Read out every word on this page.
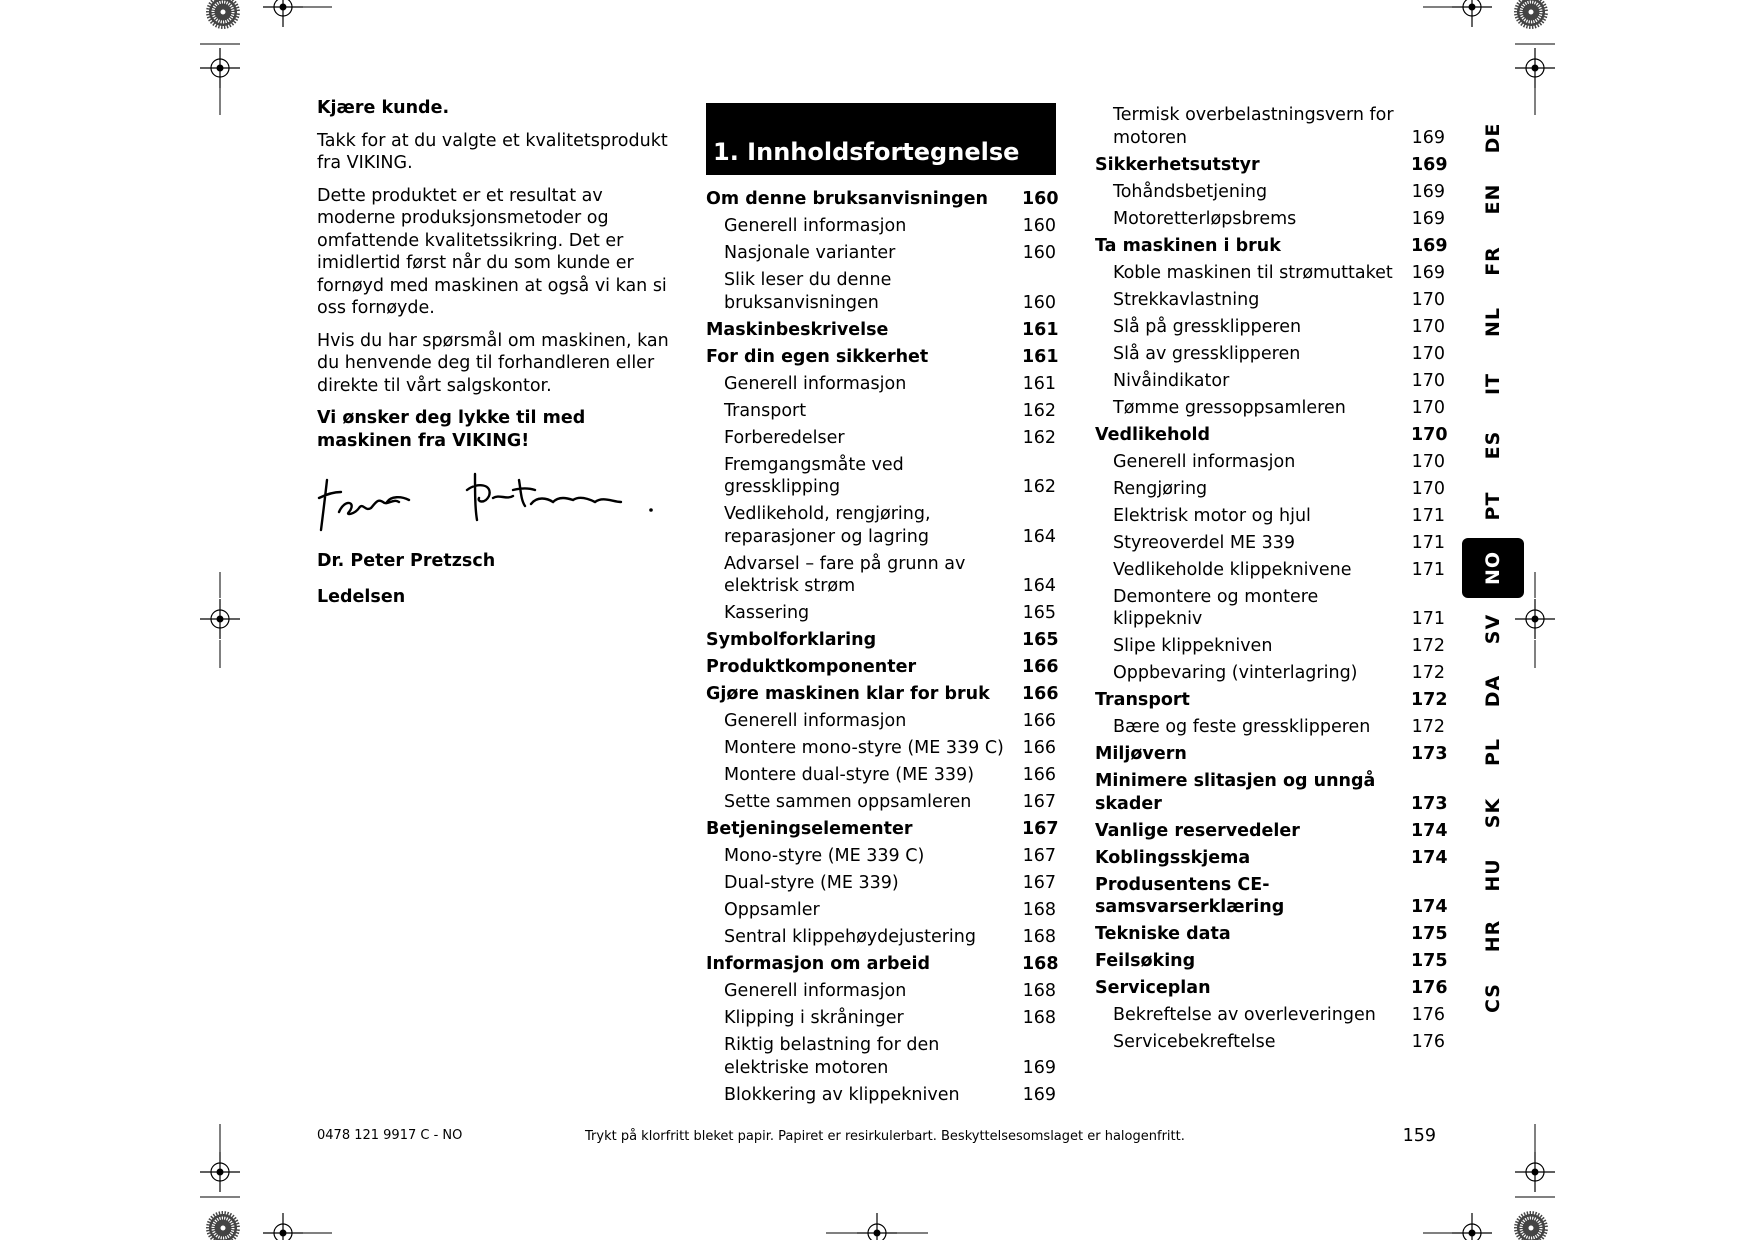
Kjære kunde.

Takk for at du valgte et kvalitetsprodukt fra VIKING.

Dette produktet er et resultat av moderne produksjonsmetoder og omfattende kvalitetssikring. Det er imidlertid først når du som kunde er fornøyd med maskinen at også vi kan si oss fornøyde.

Hvis du har spørsmål om maskinen, kan du henvende deg til forhandleren eller direkte til vårt salgskontor.

Vi ønsker deg lykke til med maskinen fra VIKING!

Dr. Peter Pretzsch
Ledelsen
1. Innholdsfortegnelse
Om denne bruksanvisningen	160
Generell informasjon	160
Nasjonale varianter	160
Slik leser du denne bruksanvisningen	160
Maskinbeskrivelse	161
For din egen sikkerhet	161
Generell informasjon	161
Transport	162
Forberedelser	162
Fremgangsmåte ved gressklipping	162
Vedlikehold, rengjøring, reparasjoner og lagring	164
Advarsel – fare på grunn av elektrisk strøm	164
Kassering	165
Symbolforklaring	165
Produktkomponenter	166
Gjøre maskinen klar for bruk	166
Generell informasjon	166
Montere mono-styre (ME 339 C)	166
Montere dual-styre (ME 339)	166
Sette sammen oppsamleren	167
Betjeningselementer	167
Mono-styre (ME 339 C)	167
Dual-styre (ME 339)	167
Oppsamler	168
Sentral klippehøydejustering	168
Informasjon om arbeid	168
Generell informasjon	168
Klipping i skråninger	168
Riktig belastning for den elektriske motoren	169
Blokkering av klippekniven	169
Termisk overbelastningsvern for motoren	169
Sikkerhetsutstyr	169
Tohåndsbetjening	169
Motoretterløpsbrems	169
Ta maskinen i bruk	169
Koble maskinen til strømuttaket	169
Strekkavlastning	170
Slå på gressklipperen	170
Slå av gressklipperen	170
Nivåindikator	170
Tømme gressoppsamleren	170
Vedlikehold	170
Generell informasjon	170
Rengjøring	170
Elektrisk motor og hjul	171
Styreoverdel ME 339	171
Vedlikeholde klippeknivene	171
Demontere og montere klippekniv	171
Slipe klippekniven	172
Oppbevaring (vinterlagring)	172
Transport	172
Bære og feste gressklipperen	172
Miljøvern	173
Minimere slitasjen og unngå skader	173
Vanlige reservedeler	174
Koblingsskjema	174
Produsentens CE-samsvarserklæring	174
Tekniske data	175
Feilsøking	175
Serviceplan	176
Bekreftelse av overleveringen	176
Servicebekreftelse	176
DE
EN
FR
NL
IT
ES
PT
NO
SV
DA
PL
SK
HU
HR
CS
0478 121 9917 C - NO	Trykt på klorfritt bleket papir. Papiret er resirkulerbart. Beskyttelsesomslaget er halogenfritt.	159
